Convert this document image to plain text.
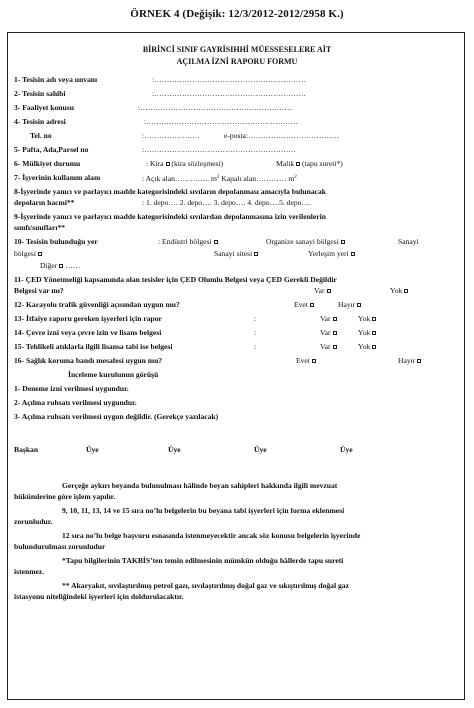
ÖRNEK 4 (Değişik: 12/3/2012-2012/2958 K.)
BİRİNCİ SINIF GAYRİSIHHİ MÜESSESELERE AİT
AÇILMA İZNİ RAPORU FORMU
1- Tesisin adı veya unvanı	:……………………………………………………
2- Tesisin sahibi	:……………………………………………………
3- Faaliyet konusu	:……………………………………………………
4- Tesisin adresi	:……………………………………………………
Tel. no	:………………….	e-posta:………………………………
5- Pafta, Ada,Parsel no	:……………………………………………………
6- Mülkiyet durumu	: Kira (kira sözleşmesi)	Malik (tapu sureti*)
7- İşyerinin kullanım alanı	: Açık alan………….. $m^2$ Kapalı alan………… $m^2$
8-İşyerinde yanıcı ve parlayıcı madde kategorisindeki sıvıların depolanması amacıyla bulunacak
depoların hacmi**	: 1. depo…. 2. depo…. 3. depo…. 4. depo….5. depo….
9-İşyerinde yanıcı ve parlayıcı madde kategorisindeki sıvılardan depolanmasına izin verilenlerin
sınıfı/sınıfları**
10- Tesisin bulunduğu yer	: Endüstri bölgesi	Organize sanayi bölgesi	Sanayi
bölgesi	Sanayi sitesi	Yerleşim yeri
Diğer ……
11- ÇED Yönetmeliği kapsamında olan tesisler için ÇED Olumlu Belgesi veya ÇED Gerekli Değildir
Belgesi var mı?	Var	Yok
12- Karayolu trafik güvenliği açısından uygun mu?	Evet	Hayır
13- İtfaiye raporu gereken işyerleri için rapor	:	Var	Yok
14- Çevre izni veya çevre izin ve lisans belgesi	:	Var	Yok
15- Tehlikeli atıklarla ilgili lisansa tabi ise belgesi	:	Var	Yok
16- Sağlık koruma bandı mesafesi uygun mu?	Evet	Hayır
İnceleme kurulunun görüşü
1- Deneme izni verilmesi uygundur.
2- Açılma ruhsatı verilmesi uygundur.
3- Açılma ruhsatı verilmesi uygun değildir. (Gerekçe yazılacak)
Başkan	Üye	Üye	Üye	Üye
Gerçeğe aykırı beyanda bulunulması hâlinde beyan sahipleri hakkında ilgili mevzuat
hükümlerine göre işlem yapılır.
9, 10, 11, 13, 14 ve 15 sıra no’lu belgelerin bu beyana tabi işyerleri için forma eklenmesi
zorunludur.
12 sıra no’lu belge başvuru esnasında istenmeyecektir ancak söz konusu belgelerin işyerinde
bulundurulması zorunludur
*Tapu bilgilerinin TAKBİS’ten temin edilmesinin mümkün olduğu hâllerde tapu sureti
istenmez.
** Akaryakıt, sıvılaştırılmış petrol gazı, sıvılaştırılmış doğal gaz ve sıkıştırılmış doğal gaz
istasyonu niteliğindeki işyerleri için doldurulacaktır.
